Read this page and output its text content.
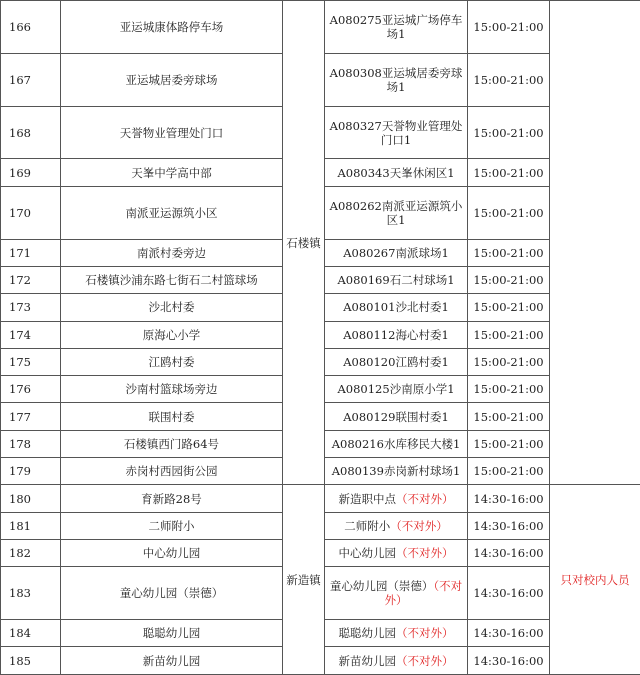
166	亚运城康体路停车场	石楼镇	A080275亚运城广场停车场1	15:00-21:00	
167	亚运城居委旁球场		A080308亚运城居委旁球场1	15:00-21:00	
168	天誉物业管理处门口		A080327天誉物业管理处门口1	15:00-21:00	
169	天峯中学高中部		A080343天峯休闲区1	15:00-21:00	
170	南派亚运源筑小区		A080262南派亚运源筑小区1	15:00-21:00	
171	南派村委旁边		A080267南派球场1	15:00-21:00	
172	石楼镇沙浦东路七街石二村篮球场		A080169石二村球场1	15:00-21:00	
173	沙北村委		A080101沙北村委1	15:00-21:00	
174	原海心小学		A080112海心村委1	15:00-21:00	
175	江鸥村委		A080120江鸥村委1	15:00-21:00	
176	沙南村篮球场旁边		A080125沙南原小学1	15:00-21:00	
177	联围村委		A080129联围村委1	15:00-21:00	
178	石楼镇西门路64号		A080216水库移民大楼1	15:00-21:00	
179	赤岗村西园街公园		A080139赤岗新村球场1	15:00-21:00	
180	育新路28号	新造镇	新造职中点（不对外）	14:30-16:00	只对校内人员
181	二师附小		二师附小（不对外）	14:30-16:00	
182	中心幼儿园		中心幼儿园（不对外）	14:30-16:00	
183	童心幼儿园（崇德）		童心幼儿园（崇德）（不对外）	14:30-16:00	
184	聪聪幼儿园		聪聪幼儿园（不对外）	14:30-16:00	
185	新苗幼儿园		新苗幼儿园（不对外）	14:30-16:00	
